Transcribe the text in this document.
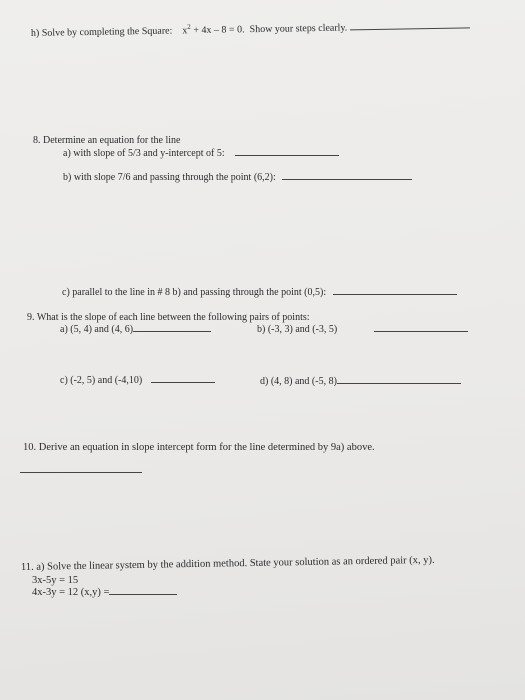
h) Solve by completing the Square: $x^2 + 4x - 8 = 0$. Show your steps clearly.
8. Determine an equation for the line
a) with slope of 5/3 and y-intercept of 5:
b) with slope 7/6 and passing through the point (6,2):
c) parallel to the line in # 8 b) and passing through the point (0,5):
9. What is the slope of each line between the following pairs of points:
a) (5, 4) and (4, 6)	b) (-3, 3) and (-3, 5)
c) (-2, 5) and (-4,10)	d) (4, 8) and (-5, 8)
10. Derive an equation in slope intercept form for the line determined by 9a) above.
11. a) Solve the linear system by the addition method. State your solution as an ordered pair (x, y).
3x-5y = 15
4x-3y = 12 (x,y) =
